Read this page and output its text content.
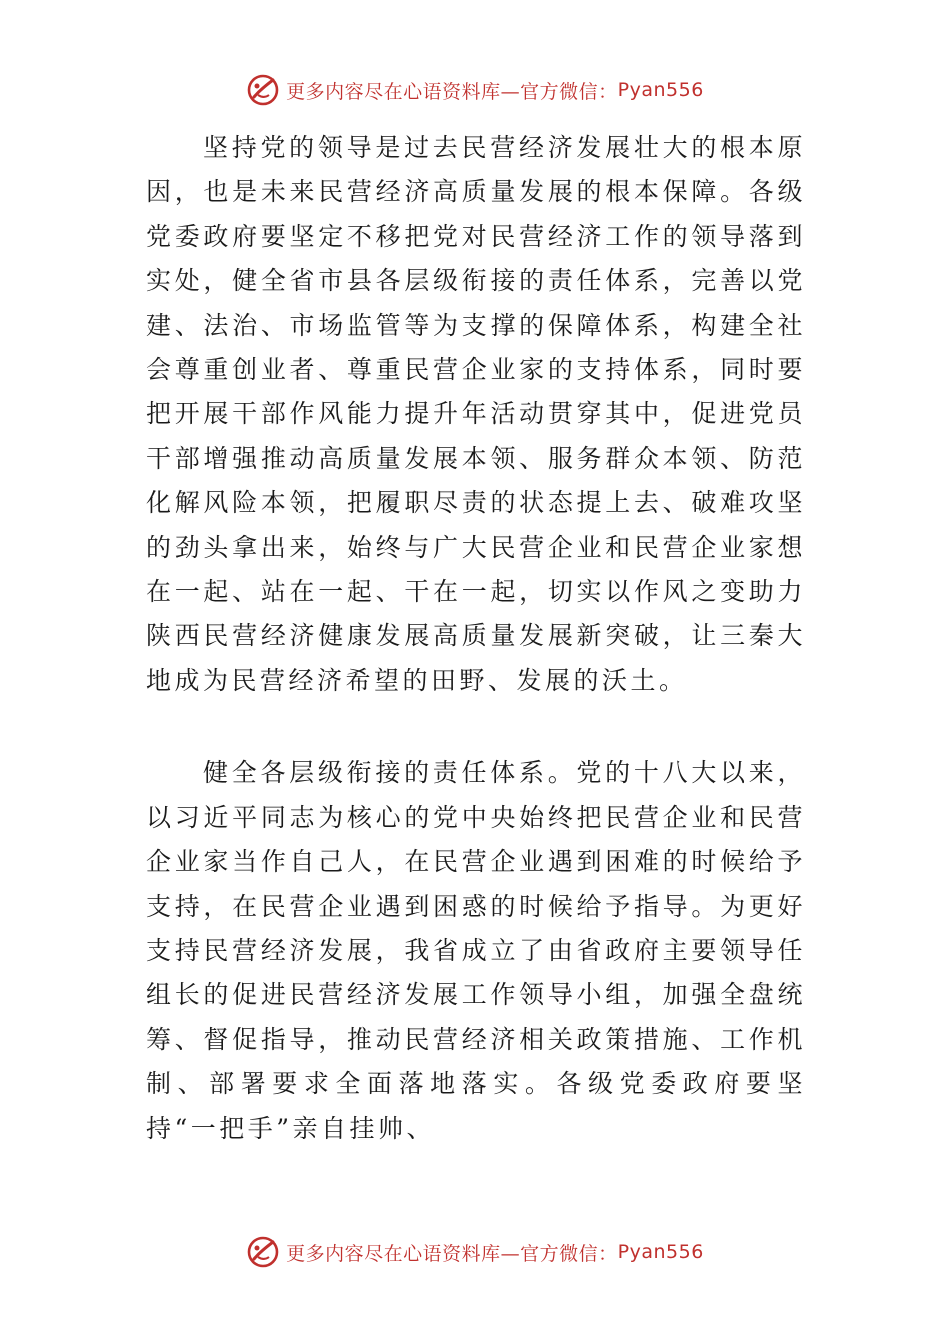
更多内容尽在心语资料库—官方微信： Pyan556

坚持党的领导是过去民营经济发展壮大的根本原因，也是未来民营经济高质量发展的根本保障。各级党委政府要坚定不移把党对民营经济工作的领导落到实处，健全省市县各层级衔接的责任体系，完善以党建、法治、市场监管等为支撑的保障体系，构建全社会尊重创业者、尊重民营企业家的支持体系，同时要把开展干部作风能力提升年活动贯穿其中，促进党员干部增强推动高质量发展本领、服务群众本领、防范化解风险本领，把履职尽责的状态提上去、破难攻坚的劲头拿出来，始终与广大民营企业和民营企业家想在一起、站在一起、干在一起，切实以作风之变助力陕西民营经济健康发展高质量发展新突破，让三秦大地成为民营经济希望的田野、发展的沃土。

健全各层级衔接的责任体系。党的十八大以来，以习近平同志为核心的党中央始终把民营企业和民营企业家当作自己人，在民营企业遇到困难的时候给予支持，在民营企业遇到困惑的时候给予指导。为更好支持民营经济发展，我省成立了由省政府主要领导任组长的促进民营经济发展工作领导小组，加强全盘统筹、督促指导，推动民营经济相关政策措施、工作机制、部署要求全面落地落实。各级党委政府要坚持“一把手”亲自挂帅、

更多内容尽在心语资料库—官方微信： Pyan556
